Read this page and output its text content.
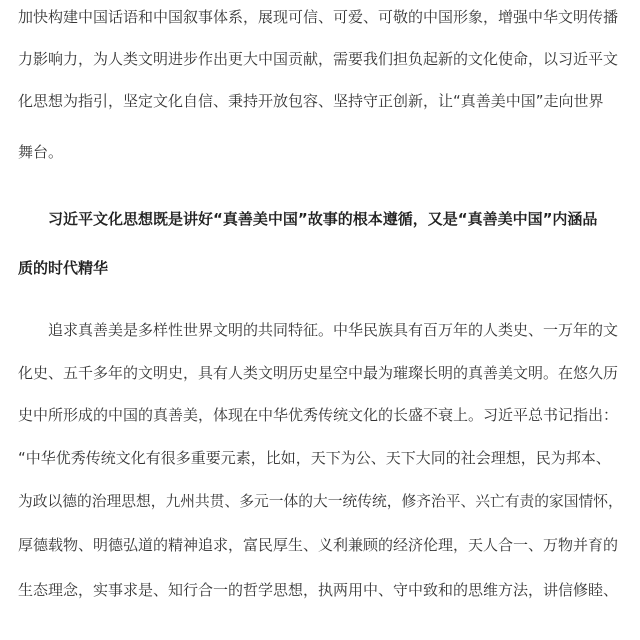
加快构建中国话语和中国叙事体系，展现可信、可爱、可敬的中国形象，增强中华文明传播
力影响力，为人类文明进步作出更大中国贡献，需要我们担负起新的文化使命，以习近平文
化思想为指引，坚定文化自信、秉持开放包容、坚持守正创新，让“真善美中国”走向世界
舞台。
习近平文化思想既是讲好“真善美中国”故事的根本遵循，又是“真善美中国”内涵品
质的时代精华
追求真善美是多样性世界文明的共同特征。中华民族具有百万年的人类史、一万年的文
化史、五千多年的文明史，具有人类文明历史星空中最为璀璨长明的真善美文明。在悠久历
史中所形成的中国的真善美，体现在中华优秀传统文化的长盛不衰上。习近平总书记指出：
“中华优秀传统文化有很多重要元素，比如，天下为公、天下大同的社会理想，民为邦本、
为政以德的治理思想，九州共贯、多元一体的大一统传统，修齐治平、兴亡有责的家国情怀，
厚德载物、明德弘道的精神追求，富民厚生、义利兼顾的经济伦理，天人合一、万物并育的
生态理念，实事求是、知行合一的哲学思想，执两用中、守中致和的思维方法，讲信修睦、
